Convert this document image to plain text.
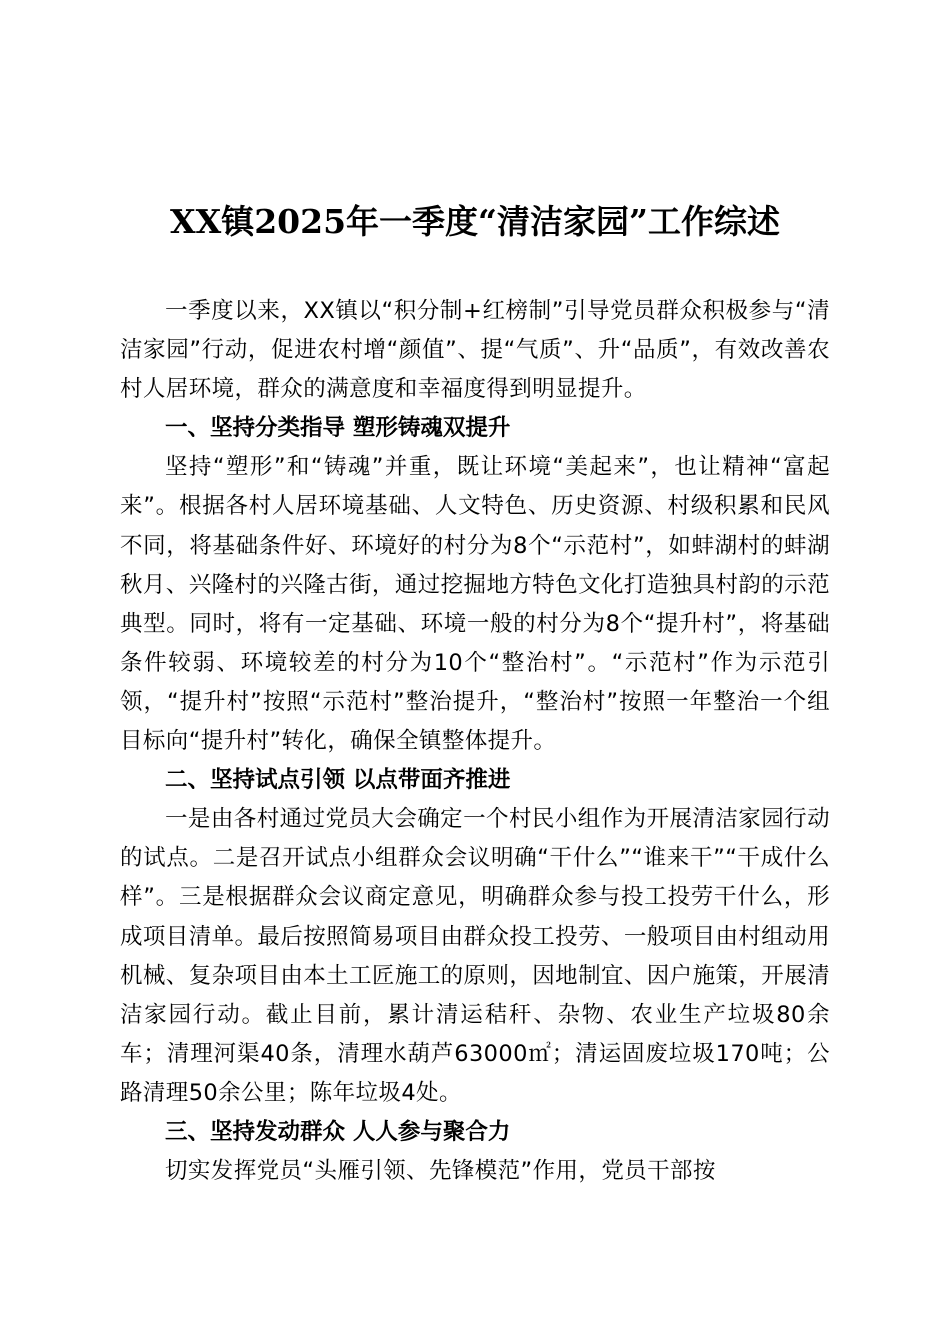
XX镇2025年一季度“清洁家园”工作综述

一季度以来，XX镇以“积分制+红榜制”引导党员群众积极参与“清洁家园”行动，促进农村增“颜值”、提“气质”、升“品质”，有效改善农村人居环境，群众的满意度和幸福度得到明显提升。

一、坚持分类指导 塑形铸魂双提升

坚持“塑形”和“铸魂”并重，既让环境“美起来”，也让精神“富起来”。根据各村人居环境基础、人文特色、历史资源、村级积累和民风不同，将基础条件好、环境好的村分为8个“示范村”，如蚌湖村的蚌湖秋月、兴隆村的兴隆古街，通过挖掘地方特色文化打造独具村韵的示范典型。同时，将有一定基础、环境一般的村分为8个“提升村”，将基础条件较弱、环境较差的村分为10个“整治村”。“示范村”作为示范引领，“提升村”按照“示范村”整治提升，“整治村”按照一年整治一个组目标向“提升村”转化，确保全镇整体提升。

二、坚持试点引领 以点带面齐推进

一是由各村通过党员大会确定一个村民小组作为开展清洁家园行动的试点。二是召开试点小组群众会议明确“干什么”“谁来干”“干成什么样”。三是根据群众会议商定意见，明确群众参与投工投劳干什么，形成项目清单。最后按照简易项目由群众投工投劳、一般项目由村组动用机械、复杂项目由本土工匠施工的原则，因地制宜、因户施策，开展清洁家园行动。截止目前，累计清运秸秆、杂物、农业生产垃圾80余车；清理河渠40条，清理水葫芦63000㎡；清运固废垃圾170吨；公路清理50余公里；陈年垃圾4处。

三、坚持发动群众 人人参与聚合力

切实发挥党员“头雁引领、先锋模范”作用，党员干部按
